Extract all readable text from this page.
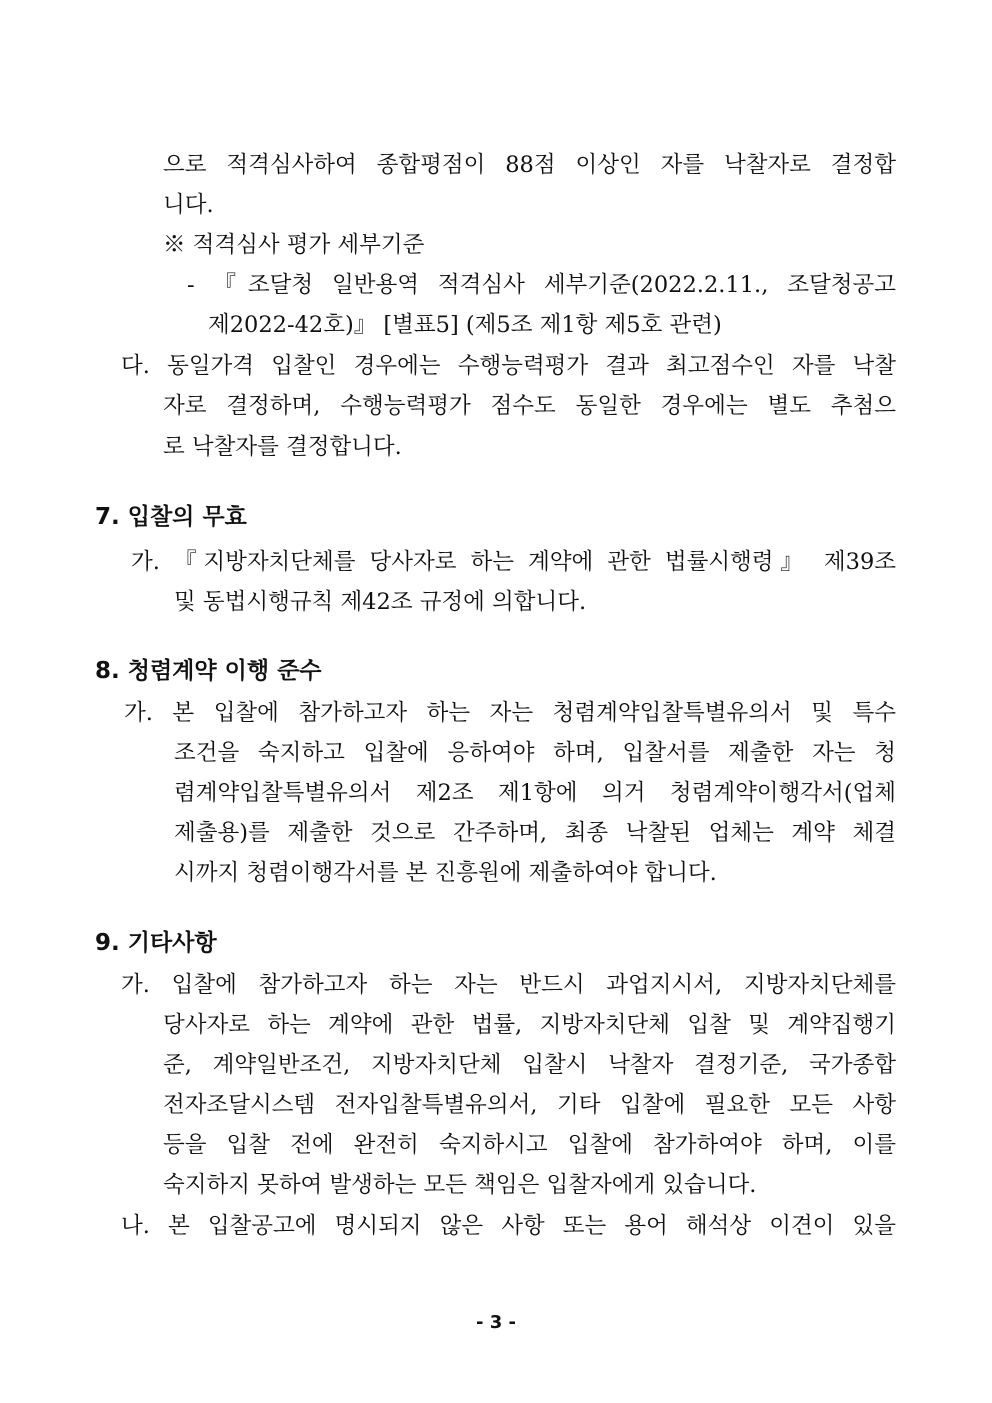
으로 적격심사하여 종합평점이 88점 이상인 자를 낙찰자로 결정합
니다.
※ 적격심사 평가 세부기준
- 『조달청 일반용역 적격심사 세부기준(2022.2.11., 조달청공고
제2022-42호)』 [별표5] (제5조 제1항 제5호 관련)
다. 동일가격 입찰인 경우에는 수행능력평가 결과 최고점수인 자를 낙찰
자로 결정하며, 수행능력평가 점수도 동일한 경우에는 별도 추첨으
로 낙찰자를 결정합니다.
7. 입찰의 무효
가. 『지방자치단체를 당사자로 하는 계약에 관한 법률시행령』 제39조
및 동법시행규칙 제42조 규정에 의합니다.
8. 청렴계약 이행 준수
가. 본 입찰에 참가하고자 하는 자는 청렴계약입찰특별유의서 및 특수
조건을 숙지하고 입찰에 응하여야 하며, 입찰서를 제출한 자는 청
렴계약입찰특별유의서 제2조 제1항에 의거 청렴계약이행각서(업체
제출용)를 제출한 것으로 간주하며, 최종 낙찰된 업체는 계약 체결
시까지 청렴이행각서를 본 진흥원에 제출하여야 합니다.
9. 기타사항
가. 입찰에 참가하고자 하는 자는 반드시 과업지시서, 지방자치단체를
당사자로 하는 계약에 관한 법률, 지방자치단체 입찰 및 계약집행기
준, 계약일반조건, 지방자치단체 입찰시 낙찰자 결정기준, 국가종합
전자조달시스템 전자입찰특별유의서, 기타 입찰에 필요한 모든 사항
등을 입찰 전에 완전히 숙지하시고 입찰에 참가하여야 하며, 이를
숙지하지 못하여 발생하는 모든 책임은 입찰자에게 있습니다.
나. 본 입찰공고에 명시되지 않은 사항 또는 용어 해석상 이견이 있을
- 3 -
